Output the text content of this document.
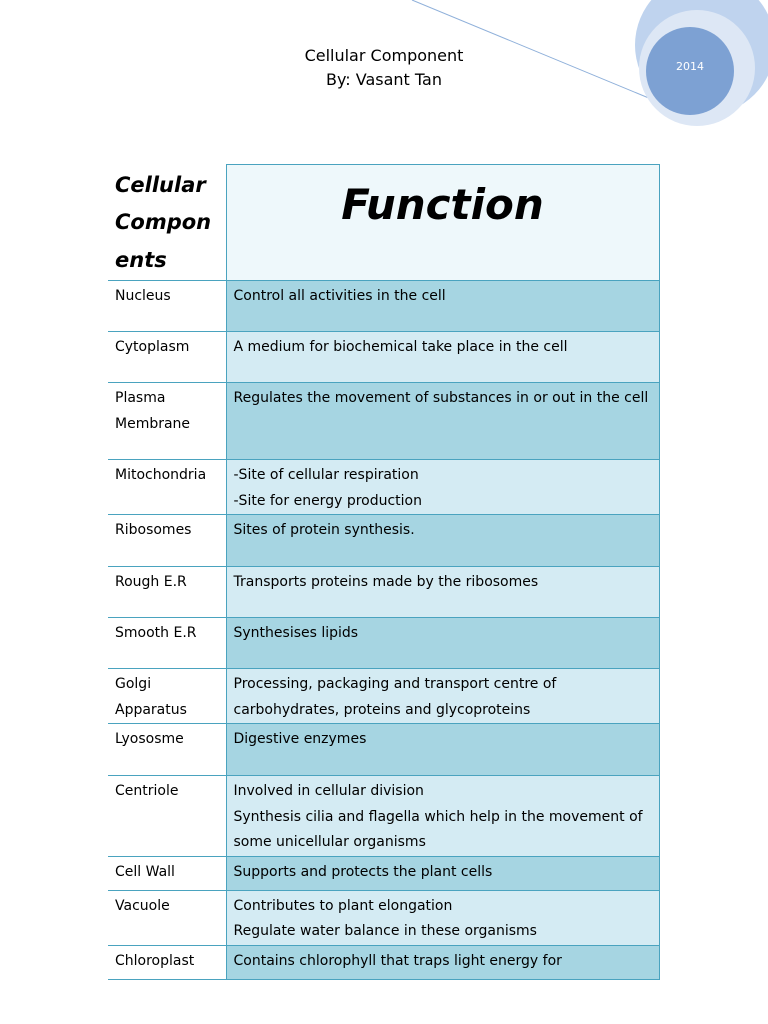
2014
Cellular Component
By: Vasant Tan
Cellular Compon ents	Function
Nucleus	Control all activities in the cell

Cytoplasm	A medium for biochemical take place in the cell

Plasma Membrane	Regulates the movement of substances in or out in the cell

Mitochondria	-Site of cellular respiration
-Site for energy production

Ribosomes	Sites of protein synthesis.

Rough E.R	Transports proteins made by the ribosomes

Smooth E.R	Synthesises lipids

Golgi Apparatus	Processing, packaging and transport centre of carbohydrates, proteins and glycoproteins

Lyososme	Digestive enzymes

Centriole	Involved in cellular division
Synthesis cilia and flagella which help in the movement of some unicellular organisms

Cell Wall	Supports and protects the plant cells

Vacuole	Contributes to plant elongation
Regulate water balance in these organisms

Chloroplast	Contains chlorophyll that traps light energy for
